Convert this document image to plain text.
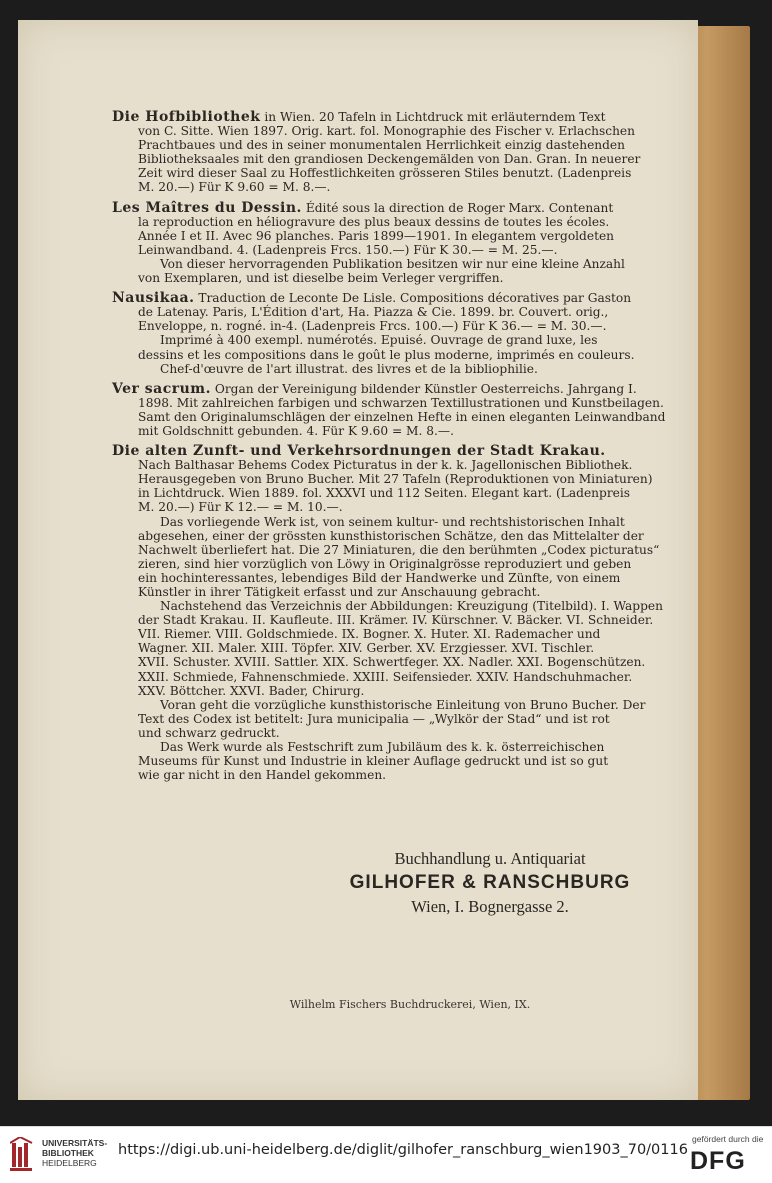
Die Hofbibliothek in Wien. 20 Tafeln in Lichtdruck mit erläuterndem Text
von C. Sitte. Wien 1897. Orig. kart. fol. Monographie des Fischer v. Erlachschen
Prachtbaues und des in seiner monumentalen Herrlichkeit einzig dastehenden
Bibliotheksaales mit den grandiosen Deckengemälden von Dan. Gran. In neuerer
Zeit wird dieser Saal zu Hoffestlichkeiten grösseren Stiles benutzt. (Ladenpreis
M. 20.—) Für K 9.60 = M. 8.—.
Les Maîtres du Dessin. Édité sous la direction de Roger Marx. Contenant
la reproduction en héliogravure des plus beaux dessins de toutes les écoles.
Année I et II. Avec 96 planches. Paris 1899—1901. In elegantem vergoldeten
Leinwandband. 4. (Ladenpreis Frcs. 150.—) Für K 30.— = M. 25.—.
Von dieser hervorragenden Publikation besitzen wir nur eine kleine Anzahl
von Exemplaren, und ist dieselbe beim Verleger vergriffen.
Nausikaa. Traduction de Leconte De Lisle. Compositions décoratives par Gaston
de Latenay. Paris, L'Édition d'art, Ha. Piazza & Cie. 1899. br. Couvert. orig.,
Enveloppe, n. rogné. in-4. (Ladenpreis Frcs. 100.—) Für K 36.— = M. 30.—.
Imprimé à 400 exempl. numérotés. Epuisé. Ouvrage de grand luxe, les
dessins et les compositions dans le goût le plus moderne, imprimés en couleurs.
Chef-d'œuvre de l'art illustrat. des livres et de la bibliophilie.
Ver sacrum. Organ der Vereinigung bildender Künstler Oesterreichs. Jahrgang I.
1898. Mit zahlreichen farbigen und schwarzen Textillustrationen und Kunstbeilagen.
Samt den Originalumschlägen der einzelnen Hefte in einen eleganten Leinwandband
mit Goldschnitt gebunden. 4. Für K 9.60 = M. 8.—.
Die alten Zunft- und Verkehrsordnungen der Stadt Krakau.
Nach Balthasar Behems Codex Picturatus in der k. k. Jagellonischen Bibliothek.
Herausgegeben von Bruno Bucher. Mit 27 Tafeln (Reproduktionen von Miniaturen)
in Lichtdruck. Wien 1889. fol. XXXVI und 112 Seiten. Elegant kart. (Ladenpreis
M. 20.—) Für K 12.— = M. 10.—.
Das vorliegende Werk ist, von seinem kultur- und rechtshistorischen Inhalt
abgesehen, einer der grössten kunsthistorischen Schätze, den das Mittelalter der
Nachwelt überliefert hat. Die 27 Miniaturen, die den berühmten „Codex picturatus“
zieren, sind hier vorzüglich von Löwy in Originalgrösse reproduziert und geben
ein hochinteressantes, lebendiges Bild der Handwerke und Zünfte, von einem
Künstler in ihrer Tätigkeit erfasst und zur Anschauung gebracht.
Nachstehend das Verzeichnis der Abbildungen: Kreuzigung (Titelbild). I. Wappen
der Stadt Krakau. II. Kaufleute. III. Krämer. IV. Kürschner. V. Bäcker. VI. Schneider.
VII. Riemer. VIII. Goldschmiede. IX. Bogner. X. Huter. XI. Rademacher und
Wagner. XII. Maler. XIII. Töpfer. XIV. Gerber. XV. Erzgiesser. XVI. Tischler.
XVII. Schuster. XVIII. Sattler. XIX. Schwertfeger. XX. Nadler. XXI. Bogenschützen.
XXII. Schmiede, Fahnenschmiede. XXIII. Seifensieder. XXIV. Handschuhmacher.
XXV. Böttcher. XXVI. Bader, Chirurg.
Voran geht die vorzügliche kunsthistorische Einleitung von Bruno Bucher. Der
Text des Codex ist betitelt: Jura municipalia — „Wylkör der Stad“ und ist rot
und schwarz gedruckt.
Das Werk wurde als Festschrift zum Jubiläum des k. k. österreichischen
Museums für Kunst und Industrie in kleiner Auflage gedruckt und ist so gut
wie gar nicht in den Handel gekommen.
Buchhandlung u. Antiquariat
GILHOFER & RANSCHBURG
Wien, I. Bognergasse 2.
Wilhelm Fischers Buchdruckerei, Wien, IX.
UNIVERSITÄTS-
BIBLIOTHEK
HEIDELBERG
https://digi.ub.uni-heidelberg.de/diglit/gilhofer_ranschburg_wien1903_70/0116
gefördert durch die
DFG
